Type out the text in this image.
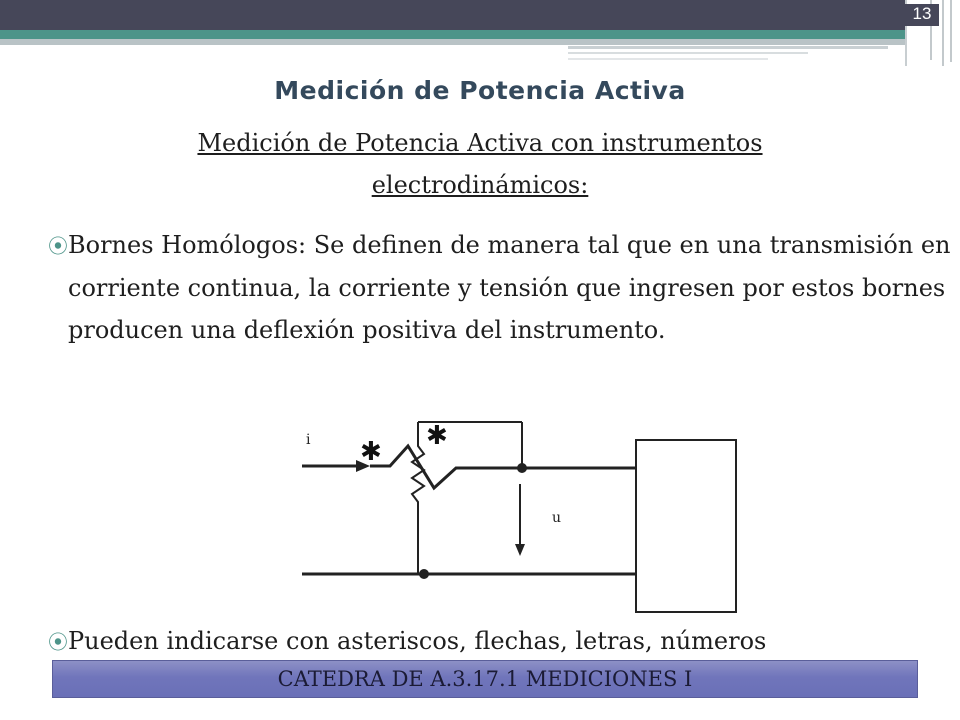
13
Medición de Potencia Activa
Medición de Potencia Activa con instrumentos
electrodinámicos:
⦿Bornes Homólogos: Se definen de manera tal que en una transmisión en corriente continua, la corriente y tensión que ingresen por estos bornes producen una deflexión positiva del instrumento.
i
u
✱
✱
⦿Pueden indicarse con asteriscos, flechas, letras, números
CATEDRA DE A.3.17.1 MEDICIONES I
